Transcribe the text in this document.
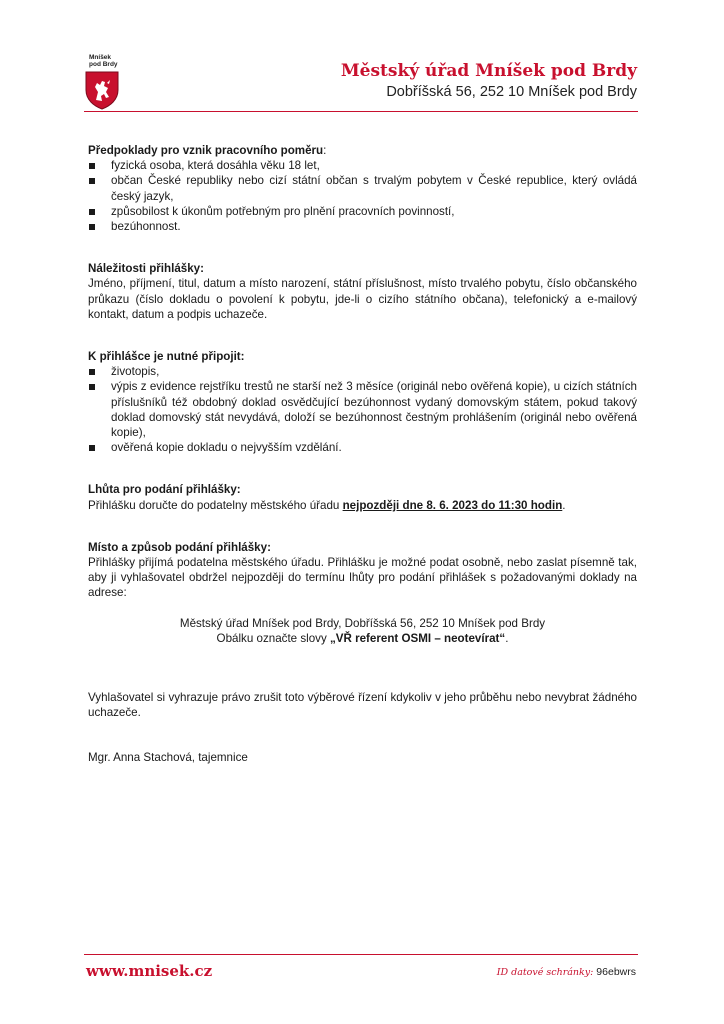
Mníšek
pod Brdy	Městský úřad Mníšek pod Brdy
Dobříšská 56, 252 10 Mníšek pod Brdy
Předpoklady pro vznik pracovního poměru:
fyzická osoba, která dosáhla věku 18 let,
občan České republiky nebo cizí státní občan s trvalým pobytem v České republice, který ovládá český jazyk,
způsobilost k úkonům potřebným pro plnění pracovních povinností,
bezúhonnost.
Náležitosti přihlášky:

Jméno, příjmení, titul, datum a místo narození, státní příslušnost, místo trvalého pobytu, číslo občanského průkazu (číslo dokladu o povolení k pobytu, jde-li o cizího státního občana), telefonický a e-mailový kontakt, datum a podpis uchazeče.

K přihlášce je nutné připojit:
životopis,
výpis z evidence rejstříku trestů ne starší než 3 měsíce (originál nebo ověřená kopie), u cizích státních příslušníků též obdobný doklad osvědčující bezúhonnost vydaný domovským státem, pokud takový doklad domovský stát nevydává, doloží se bezúhonnost čestným prohlášením (originál nebo ověřená kopie),
ověřená kopie dokladu o nejvyšším vzdělání.
Lhůta pro podání přihlášky:

Přihlášku doručte do podatelny městského úřadu nejpozději dne 8. 6. 2023 do 11:30 hodin.

Místo a způsob podání přihlášky:

Přihlášky přijímá podatelna městského úřadu. Přihlášku je možné podat osobně, nebo zaslat písemně tak, aby ji vyhlašovatel obdržel nejpozději do termínu lhůty pro podání přihlášek s požadovanými doklady na adrese:

Městský úřad Mníšek pod Brdy, Dobříšská 56, 252 10 Mníšek pod Brdy
Obálku označte slovy „VŘ referent OSMI – neotevírat“.

Vyhlašovatel si vyhrazuje právo zrušit toto výběrové řízení kdykoliv v jeho průběhu nebo nevybrat žádného uchazeče.

Mgr. Anna Stachová, tajemnice

www.mnisek.cz	ID datové schránky: 96ebwrs
